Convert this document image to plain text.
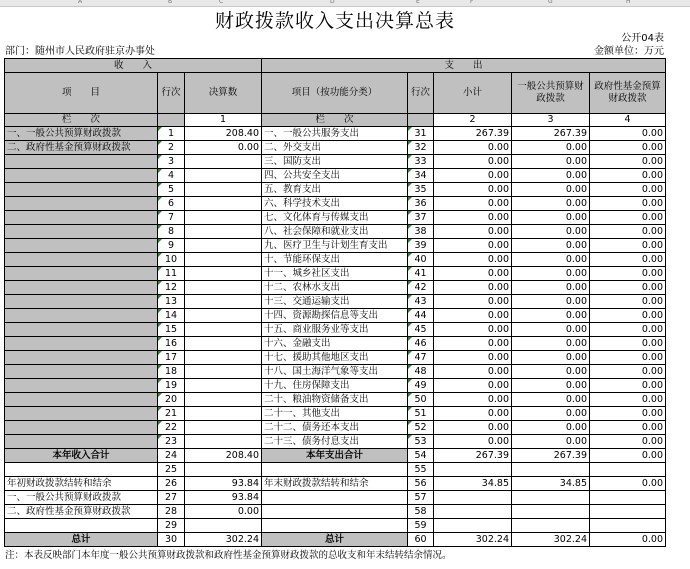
A	B	C	D	E	F	G	H
财政拨款收入支出决算总表
公开04表
部门：随州市人民政府驻京办事处	金额单位：万元
收　　入			支　　出				
项　　目	行次	决算数	项目（按功能分类）	行次	小计	一般公共预算财政拨款	政府性基金预算财政拨款
栏　　次		1	栏　　次		2	3	4
一、一般公共预算财政拨款	1	208.40	一、一般公共服务支出	31	267.39	267.39	0.00
二、政府性基金预算财政拨款	2	0.00	二、外交支出	32	0.00	0.00	0.00
	3		三、国防支出	33	0.00	0.00	0.00
	4		四、公共安全支出	34	0.00	0.00	0.00
	5		五、教育支出	35	0.00	0.00	0.00
	6		六、科学技术支出	36	0.00	0.00	0.00
	7		七、文化体育与传媒支出	37	0.00	0.00	0.00
	8		八、社会保障和就业支出	38	0.00	0.00	0.00
	9		九、医疗卫生与计划生育支出	39	0.00	0.00	0.00
	10		十、节能环保支出	40	0.00	0.00	0.00
	11		十一、城乡社区支出	41	0.00	0.00	0.00
	12		十二、农林水支出	42	0.00	0.00	0.00
	13		十三、交通运输支出	43	0.00	0.00	0.00
	14		十四、资源勘探信息等支出	44	0.00	0.00	0.00
	15		十五、商业服务业等支出	45	0.00	0.00	0.00
	16		十六、金融支出	46	0.00	0.00	0.00
	17		十七、援助其他地区支出	47	0.00	0.00	0.00
	18		十八、国土海洋气象等支出	48	0.00	0.00	0.00
	19		十九、住房保障支出	49	0.00	0.00	0.00
	20		二十、粮油物资储备支出	50	0.00	0.00	0.00
	21		二十一、其他支出	51	0.00	0.00	0.00
	22		二十二、债务还本支出	52	0.00	0.00	0.00
	23		二十三、债务付息支出	53	0.00	0.00	0.00
本年收入合计	24	208.40	本年支出合计	54	267.39	267.39	0.00
	25			55			
年初财政拨款结转和结余	26	93.84	年末财政拨款结转和结余	56	34.85	34.85	0.00
一、一般公共预算财政拨款	27	93.84		57			
二、政府性基金预算财政拨款	28	0.00		58			
	29			59			
总计	30	302.24	总计	60	302.24	302.24	0.00
注：本表反映部门本年度一般公共预算财政拨款和政府性基金预算财政拨款的总收支和年末结转结余情况。
